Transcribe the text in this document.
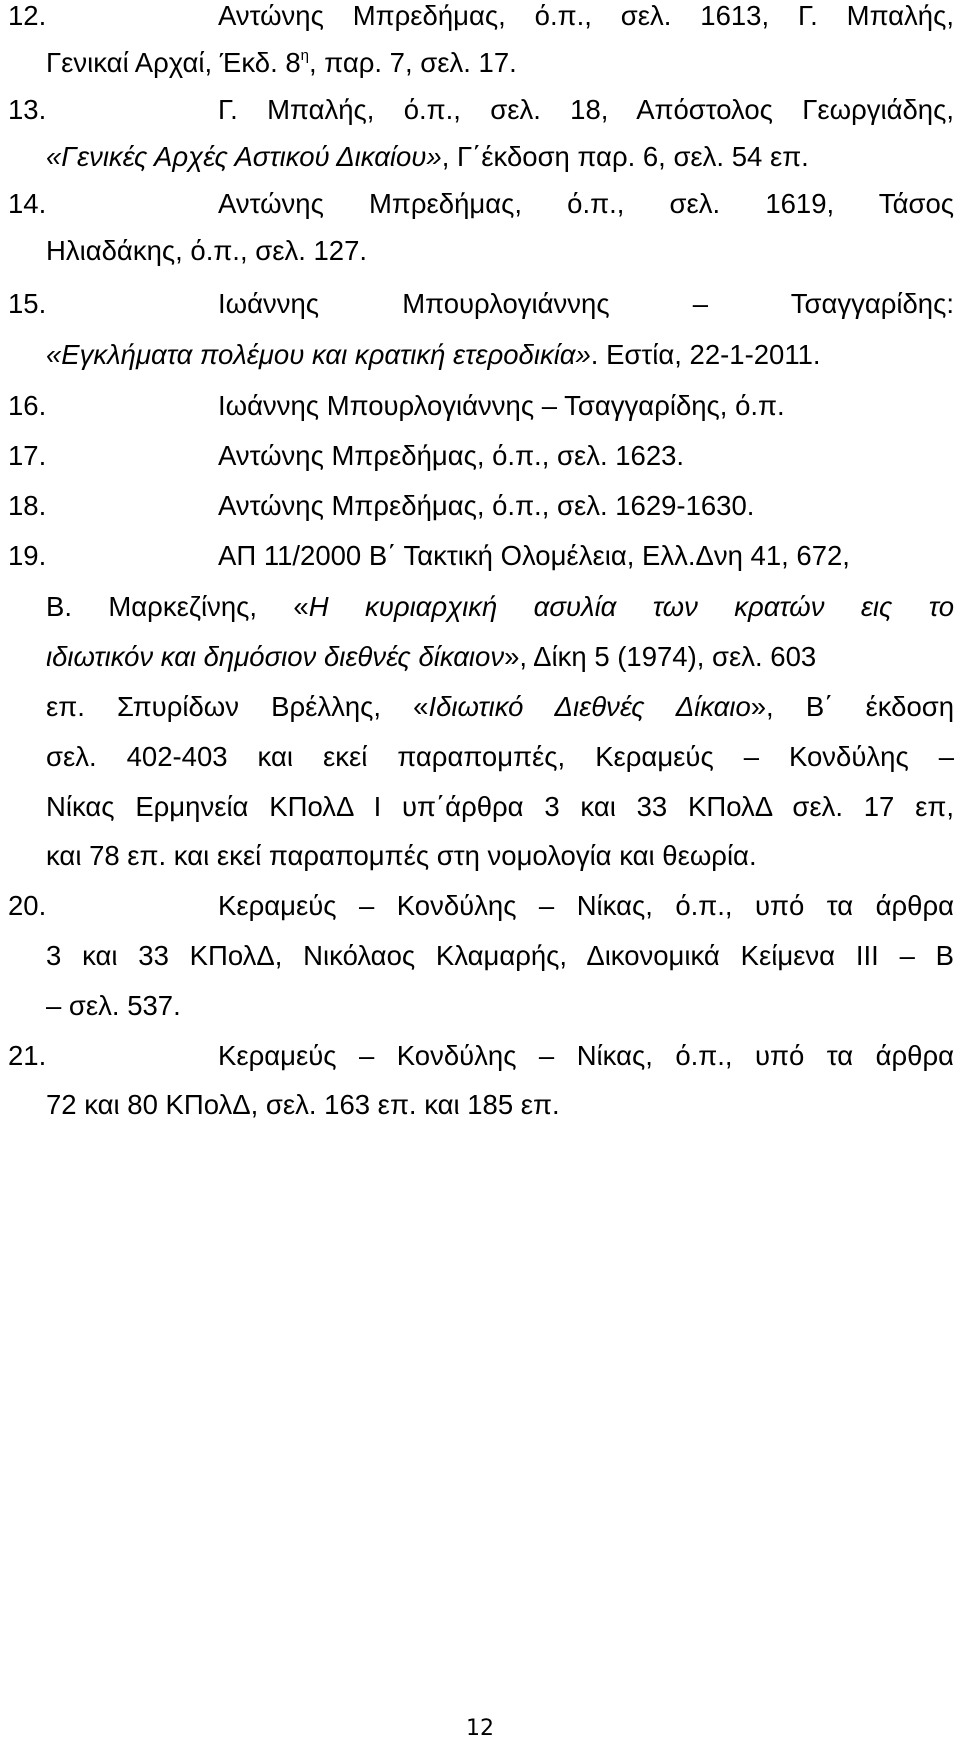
12.	Αντώνης Μπρεδήμας, ό.π., σελ. 1613, Γ. Μπαλής,
Γενικαί Αρχαί, Έκδ. $8^\eta$, παρ. 7, σελ. 17.
13.	Γ. Μπαλής, ό.π., σελ. 18, Απόστολος Γεωργιάδης,
«Γενικές Αρχές Αστικού Δικαίου», Γ΄έκδοση παρ. 6, σελ. 54 επ.
14.	Αντώνης Μπρεδήμας, ό.π., σελ. 1619, Τάσος
Ηλιαδάκης, ό.π., σελ. 127.
15.	Ιωάννης Μπουρλογιάννης – Τσαγγαρίδης:
«Εγκλήματα πολέμου και κρατική ετεροδικία». Εστία, 22-1-2011.
16.	Ιωάννης Μπουρλογιάννης – Τσαγγαρίδης, ό.π.
17.	Αντώνης Μπρεδήμας, ό.π., σελ. 1623.
18.	Αντώνης Μπρεδήμας, ό.π., σελ. 1629-1630.
19.	ΑΠ 11/2000 Β΄ Τακτική Ολομέλεια, Ελλ.Δνη 41, 672,
Β. Μαρκεζίνης, «Η κυριαρχική ασυλία των κρατών εις το
ιδιωτικόν και δημόσιον διεθνές δίκαιον», Δίκη 5 (1974), σελ. 603
επ. Σπυρίδων Βρέλλης, «Ιδιωτικό Διεθνές Δίκαιο», Β΄ έκδοση
σελ. 402-403 και εκεί παραπομπές, Κεραμεύς – Κονδύλης –
Νίκας Ερμηνεία ΚΠολΔ Ι υπ΄άρθρα 3 και 33 ΚΠολΔ σελ. 17 επ,
και 78 επ. και εκεί παραπομπές στη νομολογία και θεωρία.
20.	Κεραμεύς – Κονδύλης – Νίκας, ό.π., υπό τα άρθρα
3 και 33 ΚΠολΔ, Νικόλαος Κλαμαρής, Δικονομικά Κείμενα ΙΙΙ – Β
– σελ. 537.
21.	Κεραμεύς – Κονδύλης – Νίκας, ό.π., υπό τα άρθρα
72 και 80 ΚΠολΔ, σελ. 163 επ. και 185 επ.
12
